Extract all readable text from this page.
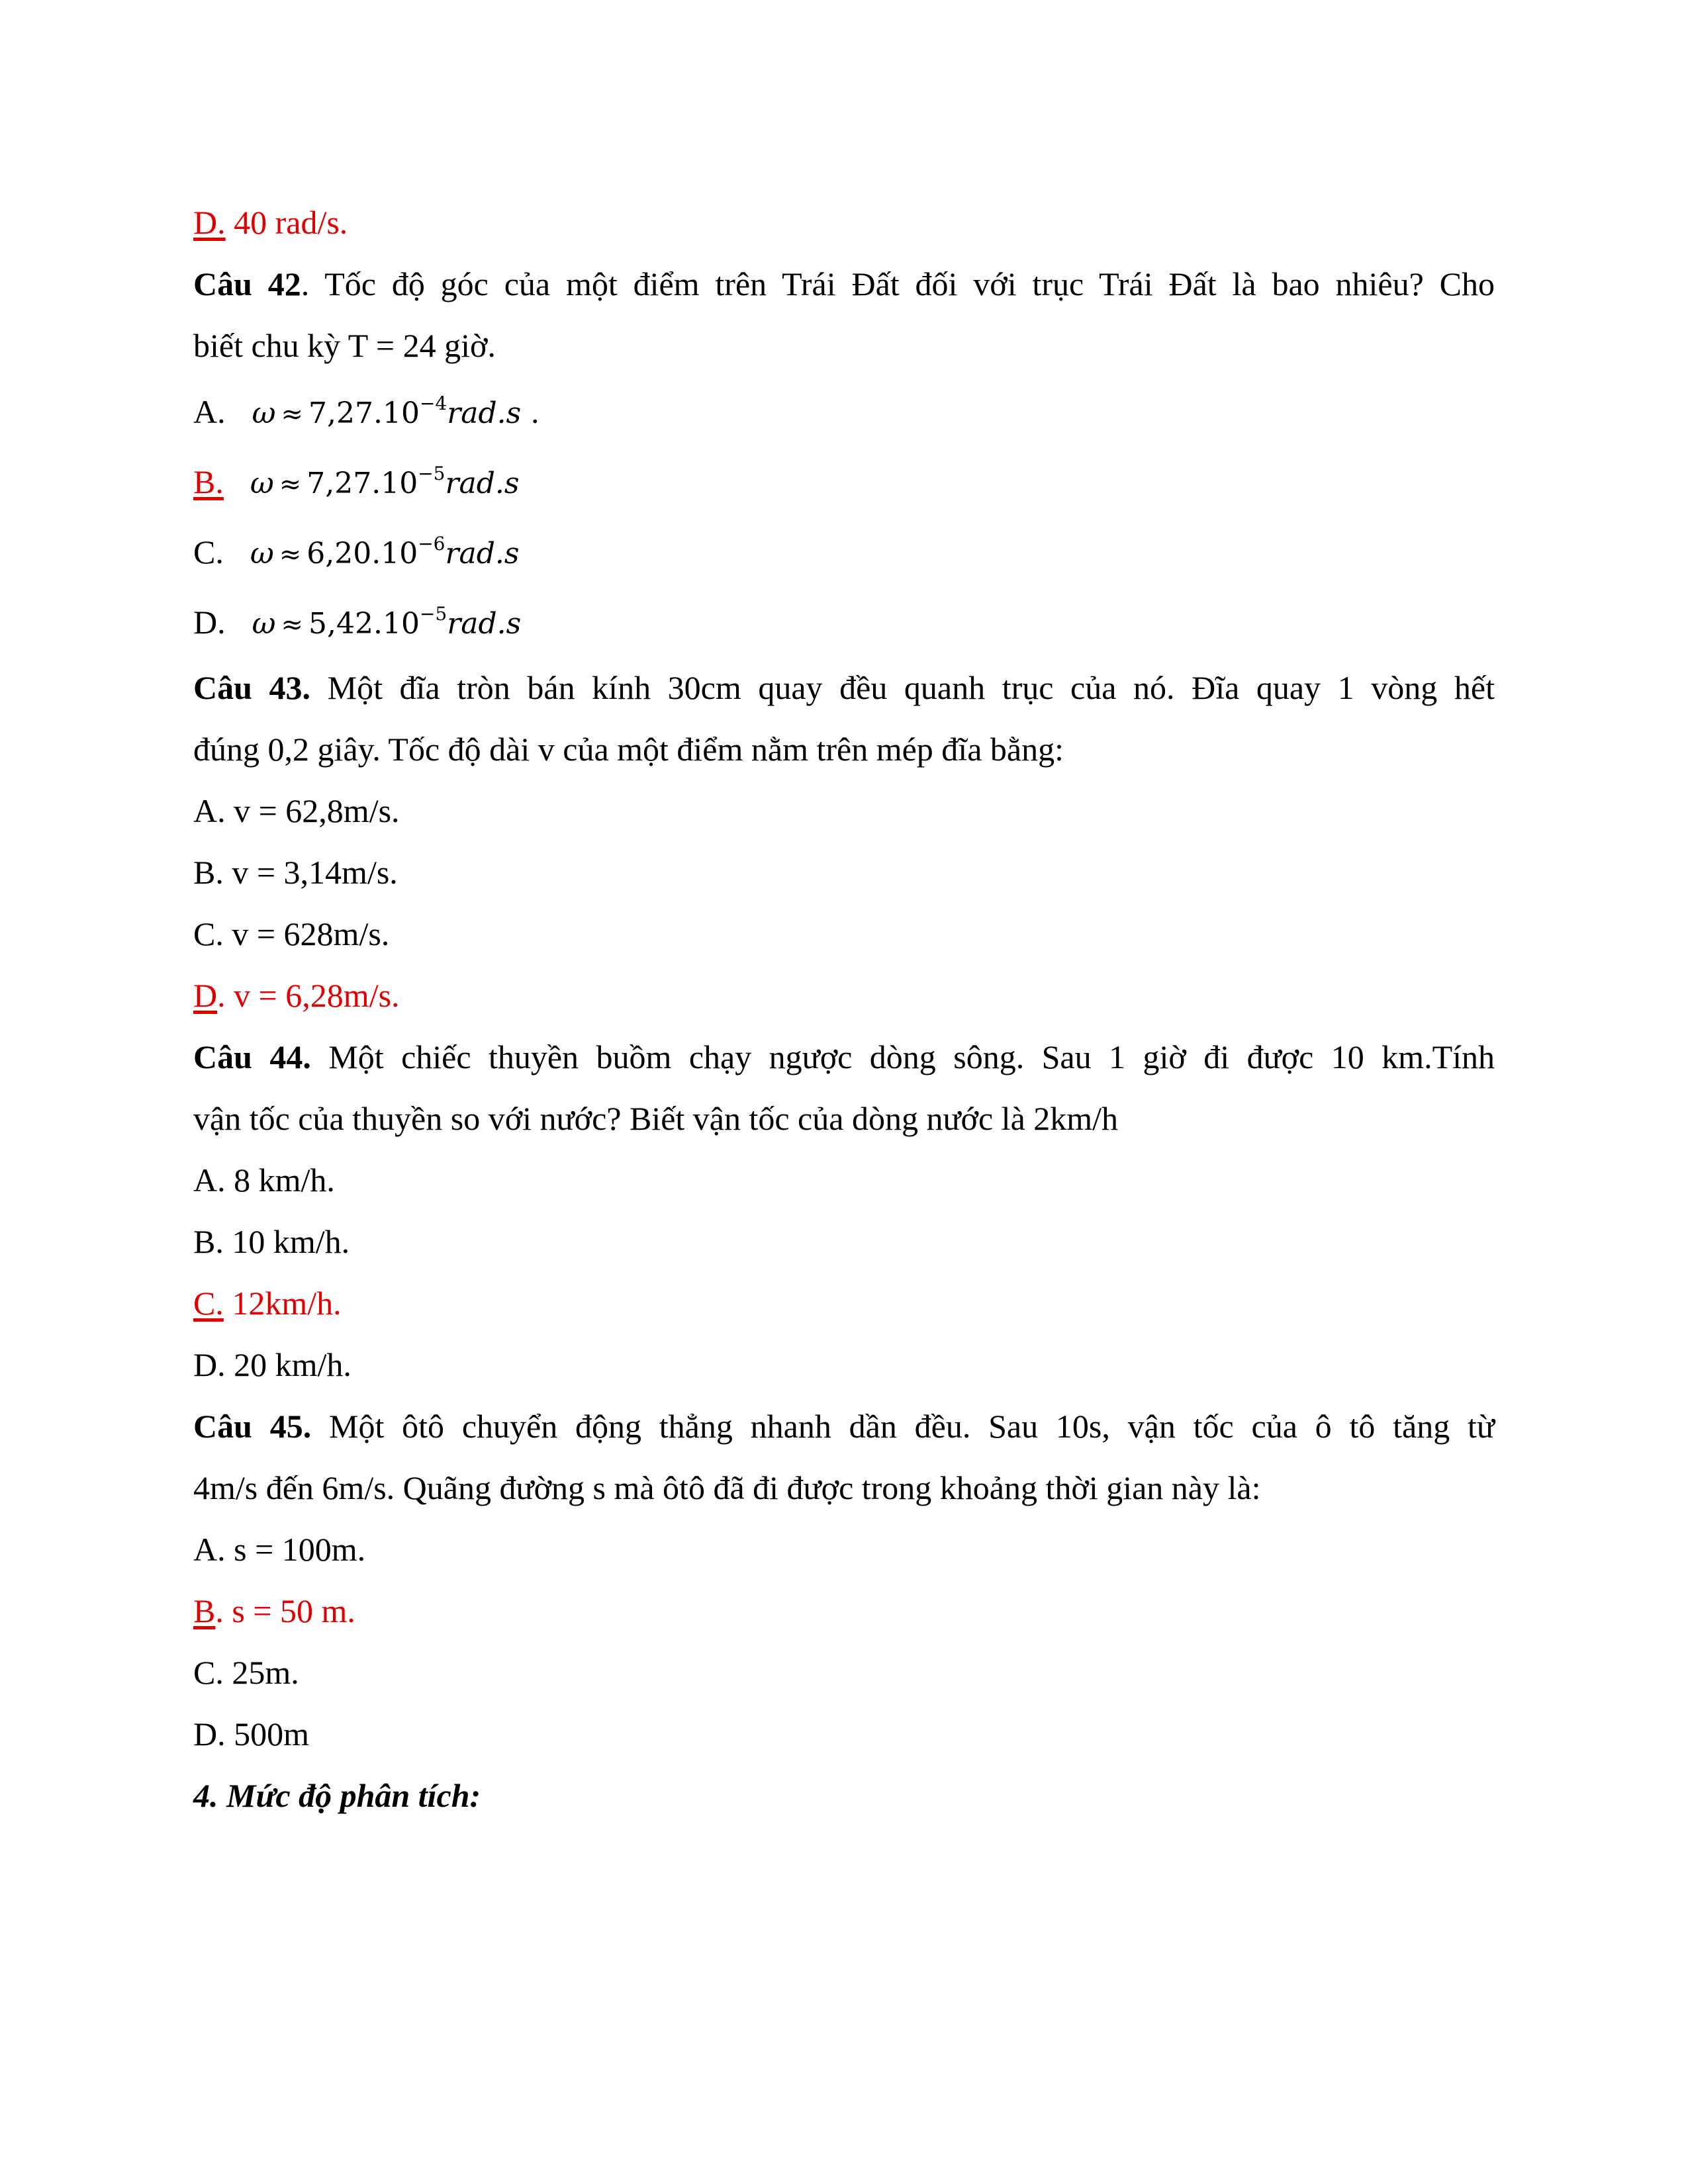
D. 40 rad/s.
Câu 42. Tốc độ góc của một điểm trên Trái Đất đối với trục Trái Đất là bao nhiêu? Cho
biết chu kỳ T = 24 giờ.
A. $\omega \approx 7,27.10^{-4}rad.s$ .
B. $\omega \approx 7,27.10^{-5}rad.s$
C. $\omega \approx 6,20.10^{-6}rad.s$
D. $\omega \approx 5,42.10^{-5}rad.s$
Câu 43. Một đĩa tròn bán kính 30cm quay đều quanh trục của nó. Đĩa quay 1 vòng hết
đúng 0,2 giây. Tốc độ dài v của một điểm nằm trên mép đĩa bằng:
A. v = 62,8m/s.
B. v = 3,14m/s.
C. v = 628m/s.
D. v = 6,28m/s.
Câu 44. Một chiếc thuyền buồm chạy ngược dòng sông. Sau 1 giờ đi được 10 km.Tính
vận tốc của thuyền so với nước? Biết vận tốc của dòng nước là 2km/h
A. 8 km/h.
B. 10 km/h.
C. 12km/h.
D. 20 km/h.
Câu 45. Một ôtô chuyển động thẳng nhanh dần đều. Sau 10s, vận tốc của ô tô tăng từ
4m/s đến 6m/s. Quãng đường s mà ôtô đã đi được trong khoảng thời gian này là:
A. s = 100m.
B. s = 50 m.
C. 25m.
D. 500m
4. Mức độ phân tích:
